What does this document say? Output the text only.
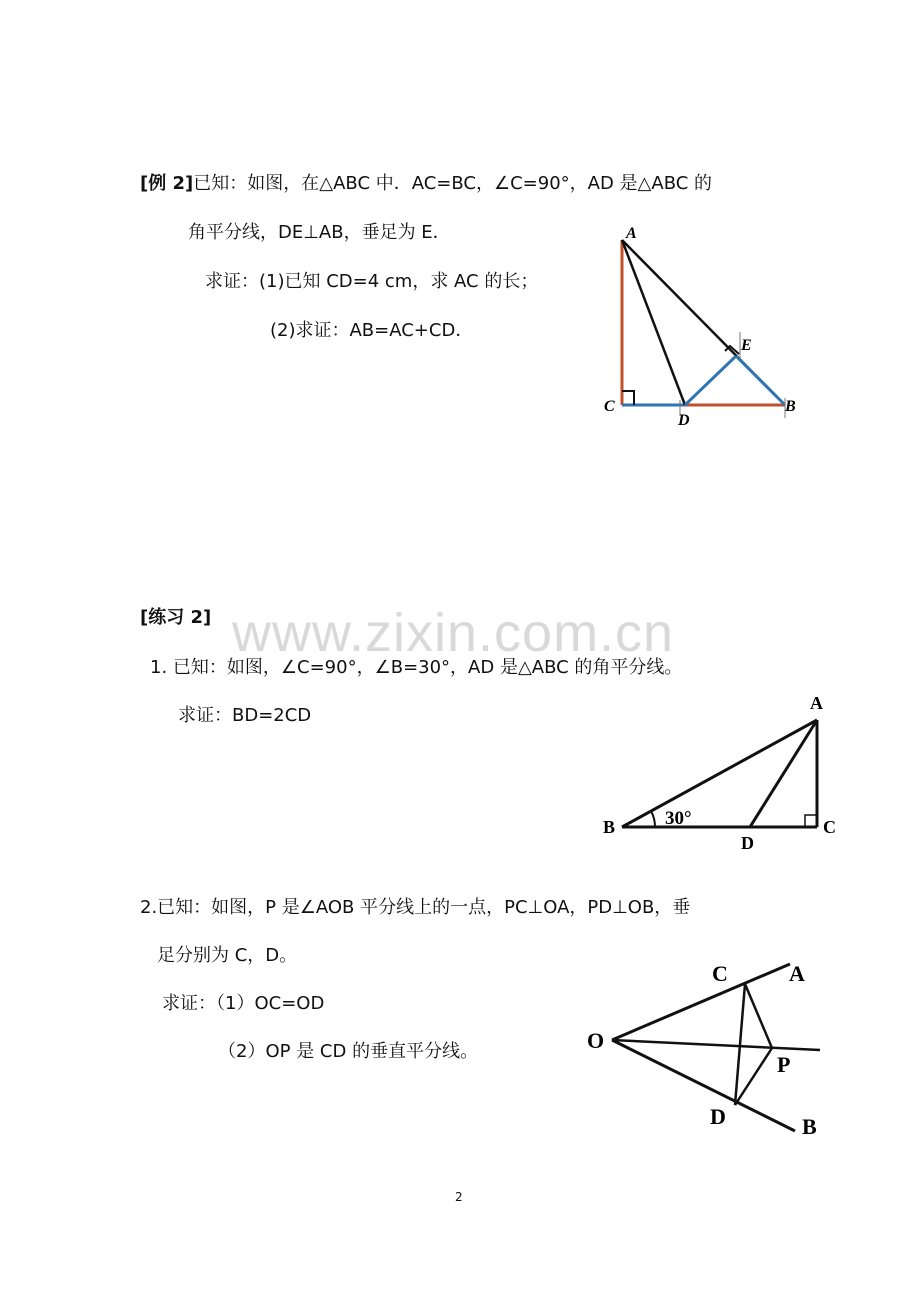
[例 2]已知：如图，在△ABC 中．AC=BC，∠C=90°，AD 是△ABC 的

角平分线，DE⊥AB，垂足为 E．

求证：(1)已知 CD=4 cm，求 AC 的长；

(2)求证：AB=AC+CD．

A
E
B
D
C

[练习 2] www.zixin.com.cn

1. 已知：如图，∠C=90°，∠B=30°，AD 是△ABC 的角平分线。

求证：BD=2CD

A
B	C
D
30°

2.已知：如图，P 是∠AOB 平分线上的一点，PC⊥OA，PD⊥OB，垂

足分别为 C，D。

求证：（1）OC=OD

（2）OP 是 CD 的垂直平分线。

C	A
O
P
D	B

2
